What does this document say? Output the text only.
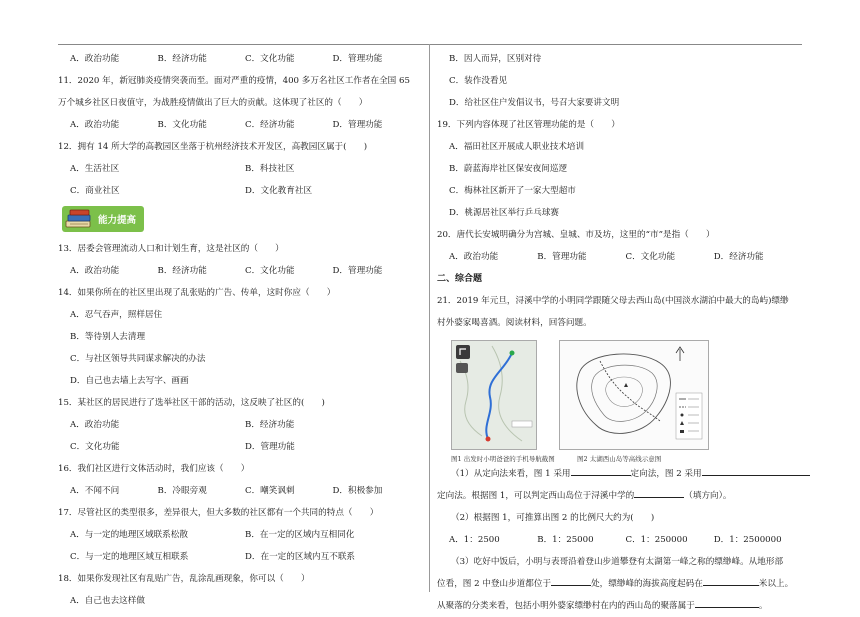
A．政治功能	B．经济功能	C．文化功能	D．管理功能
11．2020 年，新冠肺炎疫情突袭而至。面对严重的疫情，400 多万名社区工作者在全国 65
万个城乡社区日夜值守，为战胜疫情做出了巨大的贡献。这体现了社区的（　　）
A．政治功能	B．文化功能	C．经济功能	D．管理功能
12．拥有 14 所大学的高教园区坐落于杭州经济技术开发区，高教园区属于(　　)
A．生活社区	B．科技社区
C．商业社区	D．文化教育社区
能力提高
13．居委会管理流动人口和计划生育，这是社区的（　　）
A．政治功能	B．经济功能	C．文化功能	D．管理功能
14．如果你所在的社区里出现了乱张贴的广告、传单，这时你应（　　）
A．忍气吞声，照样居住
B．等待别人去清理
C．与社区领导共同谋求解决的办法
D．自己也去墙上去写字、画画
15．某社区的居民进行了选举社区干部的活动，这反映了社区的(　　)
A．政治功能	B．经济功能
C．文化功能	D．管理功能
16．我们社区进行文体活动时，我们应该（　　）
A．不闻不问	B．冷眼旁观	C．嘲笑讽刺	D．积极参加
17．尽管社区的类型很多，差异很大，但大多数的社区都有一个共同的特点（　　）
A．与一定的地理区域联系松散	B．在一定的区域内互相同化
C．与一定的地理区域互相联系	D．在一定的区域内互不联系
18．如果你发现社区有乱贴广告，乱涂乱画现象，你可以（　　）
A．自己也去这样做
B．因人而异，区别对待
C．装作没看见
D．给社区住户发倡议书，号召大家要讲文明
19．下列内容体现了社区管理功能的是（　　）
A．福田社区开展成人职业技术培训
B．蔚蓝海岸社区保安夜间巡逻
C．梅林社区新开了一家大型超市
D．桃源居社区举行乒乓球赛
20．唐代长安城明确分为宫城、皇城、市及坊，这里的“市”是指（　　）
A．政治功能	B．管理功能	C．文化功能	D．经济功能
二、综合题
21．2019 年元旦，浔溪中学的小明同学跟随父母去西山岛(中国淡水湖泊中最大的岛屿)缥缈
村外婆家喝喜酒。阅读材料，回答问题。
图1 出发时小明爸爸的手机导航截图	图2 太湖西山岛等高线示意图
（1）从定向法来看，图 1 采用	定向法，图 2 采用
定向法。根据图 1，可以判定西山岛位于浔溪中学的	（填方向）。
（2）根据图 1，可推算出图 2 的比例尺大约为(　　)
A．1：2500	B．1：25000	C．1：250000	D．1：2500000
（3）吃好中饭后，小明与表哥沿着登山步道攀登有太湖第一峰之称的缥缈峰。从地形部
位看，图 2 中登山步道都位于	处，缥缈峰的海拔高度起码在	米以上。
从聚落的分类来看，包括小明外婆家缥缈村在内的西山岛的聚落属于	。
